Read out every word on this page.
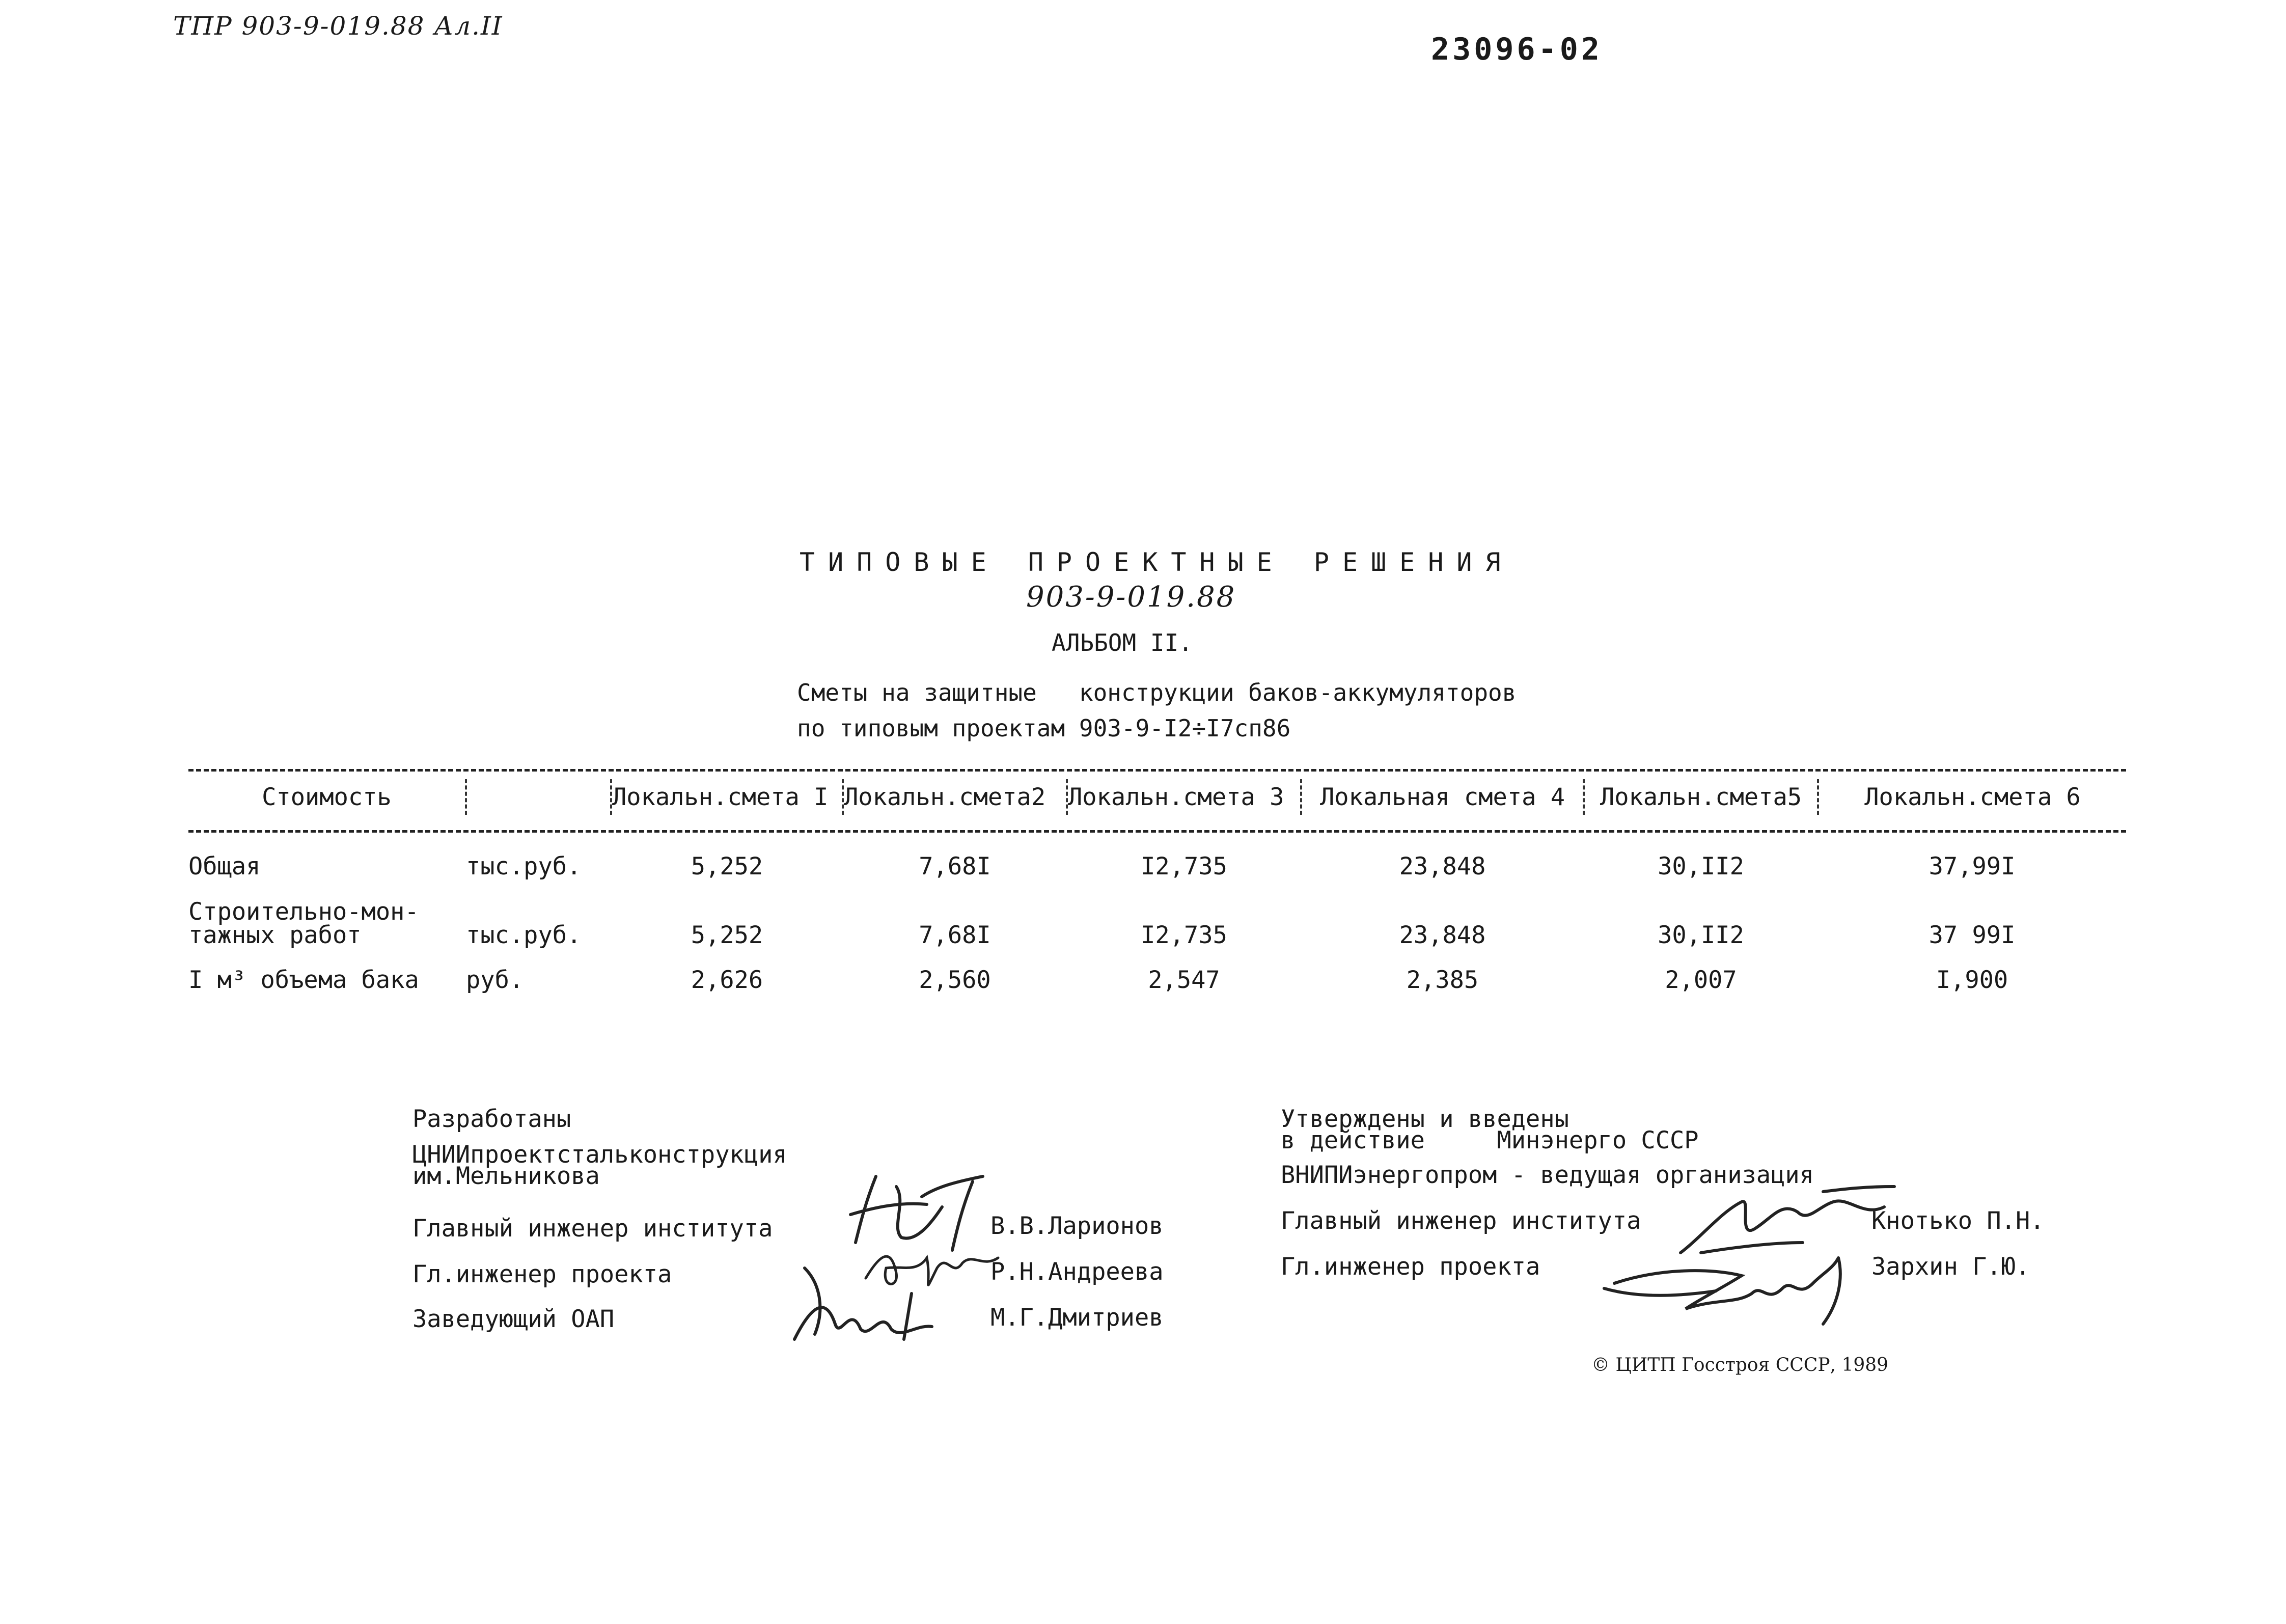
ТПР 903-9-019.88 Ал.II
23096-02
ТИПОВЫЕ ПРОЕКТНЫЕ РЕШЕНИЯ
903-9-019.88
АЛЬБОМ II.
Сметы на защитные   конструкции баков-аккумуляторов
по типовым проектам 903-9-I2÷I7сп86
Стоимость		Локальн.смета I	Локальн.смета2	Локальн.смета 3	Локальная смета 4	Локальн.смета5	Локальн.смета 6
Общая	тыс.руб.	5,252	7,68I	I2,735	23,848	30,II2	37,99I
Строительно-мон-
тажных работ	тыс.руб.	5,252	7,68I	I2,735	23,848	30,II2	37 99I
I м³ объема бака	руб.	2,626	2,560	2,547	2,385	2,007	I,900
Разработаны
ЦНИИпроектстальконструкция
им.Мельникова
Главный инженер института	В.В.Ларионов
Гл.инженер проекта	Р.Н.Андреева
Заведующий ОАП	М.Г.Дмитриев
Утверждены и введены
в действие     Минэнерго СССР
ВНИПИэнергопром - ведущая организация
Главный инженер института	Кнотько П.Н.
Гл.инженер проекта	Зархин Г.Ю.
© ЦИТП Госстроя СССР, 1989
